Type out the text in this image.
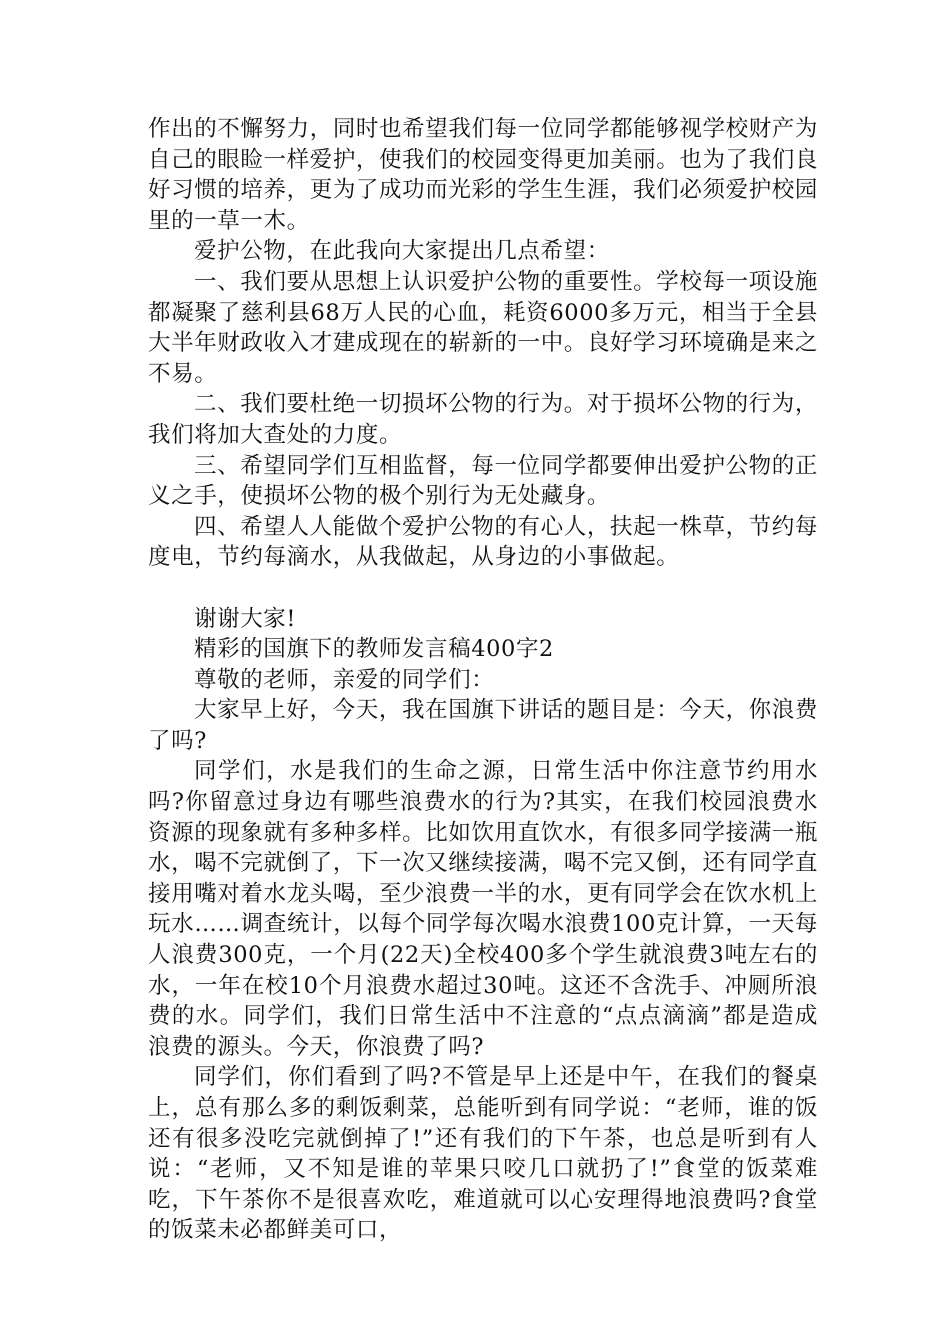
作出的不懈努力，同时也希望我们每一位同学都能够视学校财产为自己的眼睑一样爱护，使我们的校园变得更加美丽。也为了我们良好习惯的培养，更为了成功而光彩的学生生涯，我们必须爱护校园里的一草一木。

爱护公物，在此我向大家提出几点希望：

一、我们要从思想上认识爱护公物的重要性。学校每一项设施都凝聚了慈利县68万人民的心血，耗资6000多万元，相当于全县大半年财政收入才建成现在的崭新的一中。良好学习环境确是来之不易。

二、我们要杜绝一切损坏公物的行为。对于损坏公物的行为，我们将加大查处的力度。

三、希望同学们互相监督，每一位同学都要伸出爱护公物的正义之手，使损坏公物的极个别行为无处藏身。

四、希望人人能做个爱护公物的有心人，扶起一株草，节约每度电，节约每滴水，从我做起，从身边的小事做起。

谢谢大家!

精彩的国旗下的教师发言稿400字2

尊敬的老师，亲爱的同学们：

大家早上好，今天，我在国旗下讲话的题目是：今天，你浪费了吗?

同学们，水是我们的生命之源，日常生活中你注意节约用水吗?你留意过身边有哪些浪费水的行为?其实，在我们校园浪费水资源的现象就有多种多样。比如饮用直饮水，有很多同学接满一瓶水，喝不完就倒了，下一次又继续接满，喝不完又倒，还有同学直接用嘴对着水龙头喝，至少浪费一半的水，更有同学会在饮水机上玩水……调查统计，以每个同学每次喝水浪费100克计算，一天每人浪费300克，一个月(22天)全校400多个学生就浪费3吨左右的水，一年在校10个月浪费水超过30吨。这还不含洗手、冲厕所浪费的水。同学们，我们日常生活中不注意的“点点滴滴”都是造成浪费的源头。今天，你浪费了吗?

同学们，你们看到了吗?不管是早上还是中午，在我们的餐桌上，总有那么多的剩饭剩菜，总能听到有同学说：“老师，谁的饭还有很多没吃完就倒掉了!”还有我们的下午茶，也总是听到有人说：“老师，又不知是谁的苹果只咬几口就扔了!”食堂的饭菜难吃，下午茶你不是很喜欢吃，难道就可以心安理得地浪费吗?食堂的饭菜未必都鲜美可口，
